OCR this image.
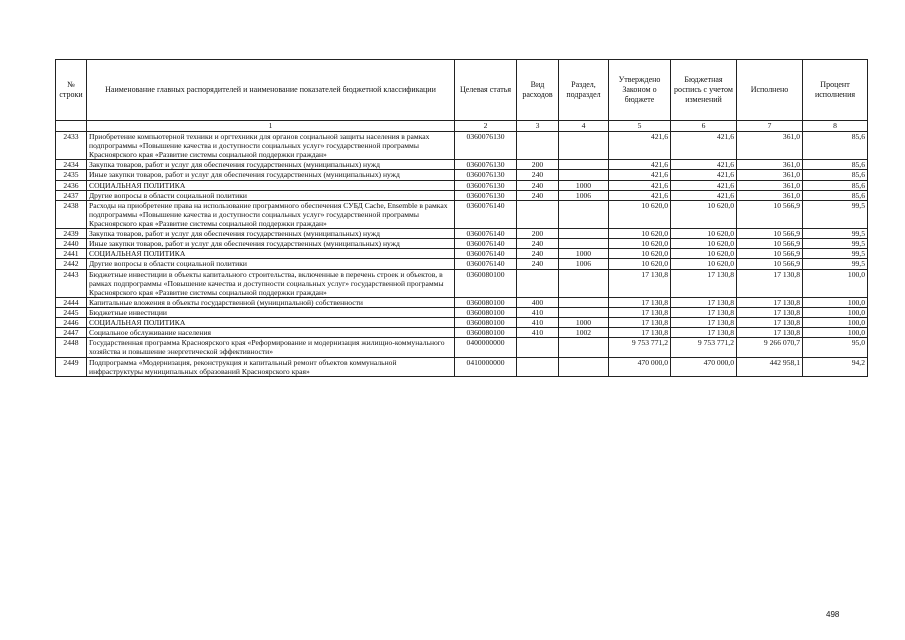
№ строки	Наименование главных распорядителей и наименование показателей бюджетной классификации	Целевая статья	Вид расходов	Раздел, подраздел	Утверждено Законом о бюджете	Бюджетная роспись с учетом изменений	Исполнено	Процент исполнения
	1	2	3	4	5	6	7	8
2433	Приобретение компьютерной техники и оргтехники для органов социальной защиты населения в рамках подпрограммы «Повышение качества и доступности социальных услуг» государственной программы Красноярского края «Развитие системы социальной поддержки граждан»	0360076130			421,6	421,6	361,0	85,6
2434	Закупка товаров, работ и услуг для обеспечения государственных (муниципальных) нужд	0360076130	200		421,6	421,6	361,0	85,6
2435	Иные закупки товаров, работ и услуг для обеспечения государственных (муниципальных) нужд	0360076130	240		421,6	421,6	361,0	85,6
2436	СОЦИАЛЬНАЯ ПОЛИТИКА	0360076130	240	1000	421,6	421,6	361,0	85,6
2437	Другие вопросы в области социальной политики	0360076130	240	1006	421,6	421,6	361,0	85,6
2438	Расходы на приобретение права на использование программного обеспечения СУБД Cache, Ensemble в рамках подпрограммы «Повышение качества и доступности социальных услуг» государственной программы Красноярского края «Развитие системы социальной поддержки граждан»	0360076140			10 620,0	10 620,0	10 566,9	99,5
2439	Закупка товаров, работ и услуг для обеспечения государственных (муниципальных) нужд	0360076140	200		10 620,0	10 620,0	10 566,9	99,5
2440	Иные закупки товаров, работ и услуг для обеспечения государственных (муниципальных) нужд	0360076140	240		10 620,0	10 620,0	10 566,9	99,5
2441	СОЦИАЛЬНАЯ ПОЛИТИКА	0360076140	240	1000	10 620,0	10 620,0	10 566,9	99,5
2442	Другие вопросы в области социальной политики	0360076140	240	1006	10 620,0	10 620,0	10 566,9	99,5
2443	Бюджетные инвестиции в объекты капитального строительства, включенные в перечень строек и объектов, в рамках подпрограммы «Повышение качества и доступности социальных услуг» государственной программы Красноярского края «Развитие системы социальной поддержки граждан»	0360080100			17 130,8	17 130,8	17 130,8	100,0
2444	Капитальные вложения в объекты государственной (муниципальной) собственности	0360080100	400		17 130,8	17 130,8	17 130,8	100,0
2445	Бюджетные инвестиции	0360080100	410		17 130,8	17 130,8	17 130,8	100,0
2446	СОЦИАЛЬНАЯ ПОЛИТИКА	0360080100	410	1000	17 130,8	17 130,8	17 130,8	100,0
2447	Социальное обслуживание населения	0360080100	410	1002	17 130,8	17 130,8	17 130,8	100,0
2448	Государственная программа Красноярского края «Реформирование и модернизация жилищно-коммунального хозяйства и повышение энергетической эффективности»	0400000000			9 753 771,2	9 753 771,2	9 266 070,7	95,0
2449	Подпрограмма «Модернизация, реконструкция и капитальный ремонт объектов коммунальной инфраструктуры муниципальных образований Красноярского края»	0410000000			470 000,0	470 000,0	442 958,1	94,2
498
